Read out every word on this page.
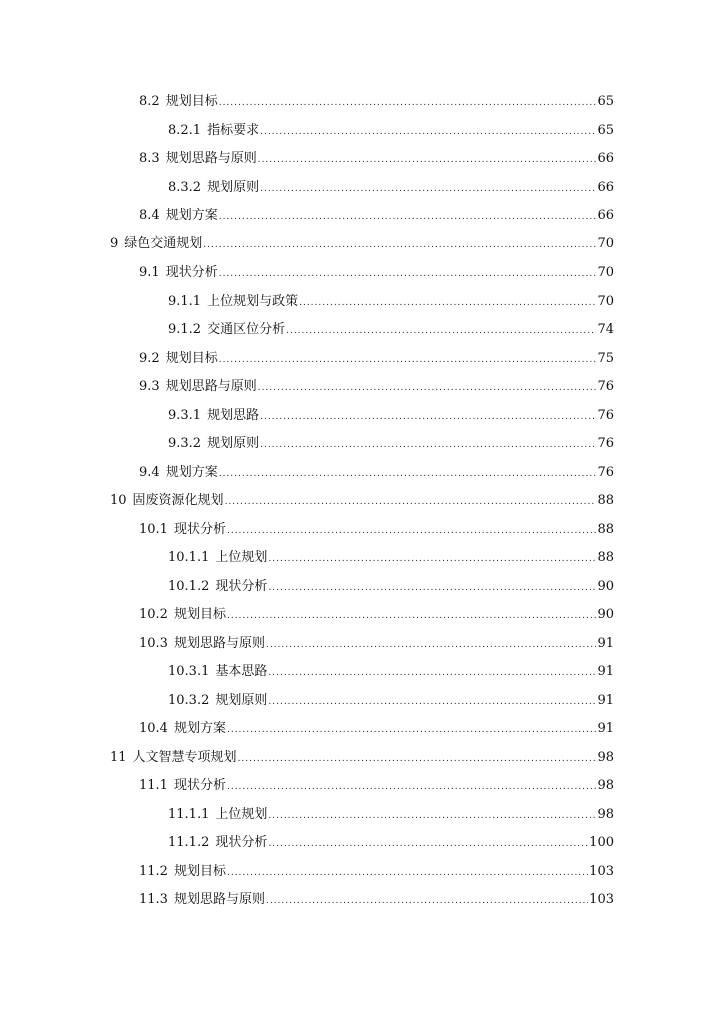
8.2 规划目标 .....	65
8.2.1 指标要求 .....	65
8.3 规划思路与原则 .....	66
8.3.2 规划原则 .....	66
8.4 规划方案 .....	66
9 绿色交通规划 .....	70
9.1 现状分析 .....	70
9.1.1 上位规划与政策 .....	70
9.1.2 交通区位分析 .....	74
9.2 规划目标 .....	75
9.3 规划思路与原则 .....	76
9.3.1 规划思路 .....	76
9.3.2 规划原则 .....	76
9.4 规划方案 .....	76
10 固废资源化规划 .....	88
10.1 现状分析 .....	88
10.1.1 上位规划 .....	88
10.1.2 现状分析 .....	90
10.2 规划目标 .....	90
10.3 规划思路与原则 .....	91
10.3.1 基本思路 .....	91
10.3.2 规划原则 .....	91
10.4 规划方案 .....	91
11 人文智慧专项规划 .....	98
11.1 现状分析 .....	98
11.1.1 上位规划 .....	98
11.1.2 现状分析 .....	100
11.2 规划目标 .....	103
11.3 规划思路与原则 .....	103
